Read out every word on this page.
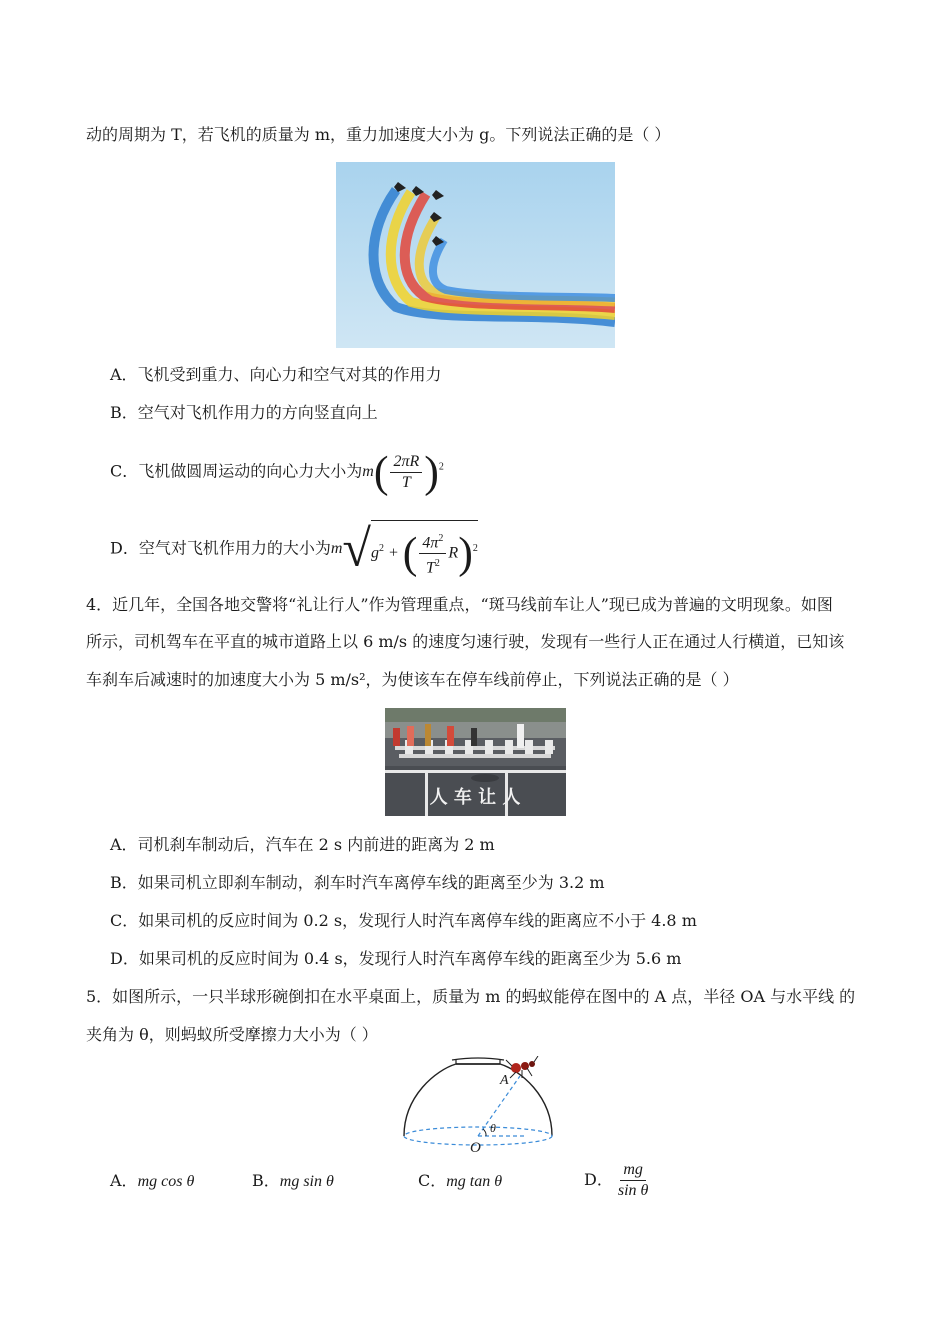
动的周期为 T，若飞机的质量为 m，重力加速度大小为 g。下列说法正确的是（ ）
A．飞机受到重力、向心力和空气对其的作用力
B．空气对飞机作用力的方向竖直向上
C．飞机做圆周运动的向心力大小为$m( \frac{2\pi R}{T} )^2$
D．空气对飞机作用力的大小为$m√g^2$ + ( $\frac{4\pi^2}{T^2} R)^2$
4．近几年，全国各地交警将“礼让行人”作为管理重点，“斑马线前车让人”现已成为普遍的文明现象。如图
所示，司机驾车在平直的城市道路上以 6 m/s 的速度匀速行驶，发现有一些行人正在通过人行横道，已知该
车刹车后减速时的加速度大小为 5 m/s²，为使该车在停车线前停止，下列说法正确的是（ ）
人 车 让 人
A．司机刹车制动后，汽车在 2 s 内前进的距离为 2 m
B．如果司机立即刹车制动，刹车时汽车离停车线的距离至少为 3.2 m
C．如果司机的反应时间为 0.2 s，发现行人时汽车离停车线的距离应不小于 4.8 m
D．如果司机的反应时间为 0.4 s，发现行人时汽车离停车线的距离至少为 5.6 m
5．如图所示，一只半球形碗倒扣在水平桌面上，质量为 m 的蚂蚁能停在图中的 A 点，半径 OA 与水平线 的
夹角为 θ，则蚂蚁所受摩擦力大小为（ ）
A
O
θ
A．mg cos θ	B．mg sin θ	C．mg tan θ	D． $\frac{mg}{\text{sin θ}}$
